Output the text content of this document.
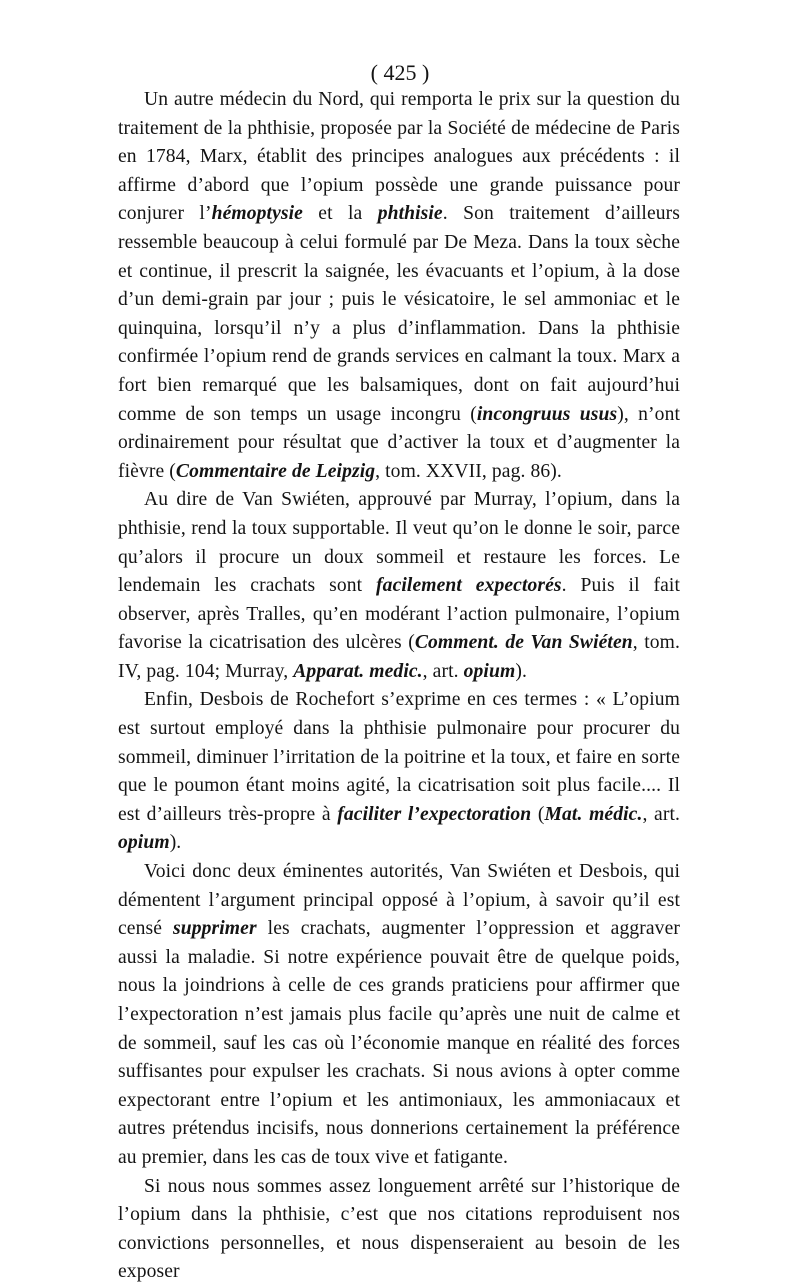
( 425 )

Un autre médecin du Nord, qui remporta le prix sur la question du traitement de la phthisie, proposée par la Société de médecine de Paris en 1784, Marx, établit des principes analogues aux précédents : il affirme d’abord que l’opium possède une grande puissance pour conjurer l’hémoptysie et la phthisie. Son traitement d’ailleurs ressemble beaucoup à celui formulé par De Meza. Dans la toux sèche et continue, il prescrit la saignée, les évacuants et l’opium, à la dose d’un demi-grain par jour ; puis le vésicatoire, le sel ammoniac et le quinquina, lorsqu’il n’y a plus d’inflammation. Dans la phthisie confirmée l’opium rend de grands services en calmant la toux. Marx a fort bien remarqué que les balsamiques, dont on fait aujourd’hui comme de son temps un usage incongru (incongruus usus), n’ont ordinairement pour résultat que d’activer la toux et d’augmenter la fièvre (Commentaire de Leipzig, tom. XXVII, pag. 86).

Au dire de Van Swiéten, approuvé par Murray, l’opium, dans la phthisie, rend la toux supportable. Il veut qu’on le donne le soir, parce qu’alors il procure un doux sommeil et restaure les forces. Le lendemain les crachats sont facilement expectorés. Puis il fait observer, après Tralles, qu’en modérant l’action pulmonaire, l’opium favorise la cicatrisation des ulcères (Comment. de Van Swiéten, tom. IV, pag. 104; Murray, Apparat. medic., art. opium).

Enfin, Desbois de Rochefort s’exprime en ces termes : « L’opium est surtout employé dans la phthisie pulmonaire pour procurer du sommeil, diminuer l’irritation de la poitrine et la toux, et faire en sorte que le poumon étant moins agité, la cicatrisation soit plus facile.... Il est d’ailleurs très-propre à faciliter l’expectoration (Mat. médic., art. opium).

Voici donc deux éminentes autorités, Van Swiéten et Desbois, qui démentent l’argument principal opposé à l’opium, à savoir qu’il est censé supprimer les crachats, augmenter l’oppression et aggraver aussi la maladie. Si notre expérience pouvait être de quelque poids, nous la joindrions à celle de ces grands praticiens pour affirmer que l’expectoration n’est jamais plus facile qu’après une nuit de calme et de sommeil, sauf les cas où l’économie manque en réalité des forces suffisantes pour expulser les crachats. Si nous avions à opter comme expectorant entre l’opium et les antimoniaux, les ammoniacaux et autres prétendus incisifs, nous donnerions certainement la préférence au premier, dans les cas de toux vive et fatigante.

Si nous nous sommes assez longuement arrêté sur l’historique de l’opium dans la phthisie, c’est que nos citations reproduisent nos convictions personnelles, et nous dispenseraient au besoin de les exposer
